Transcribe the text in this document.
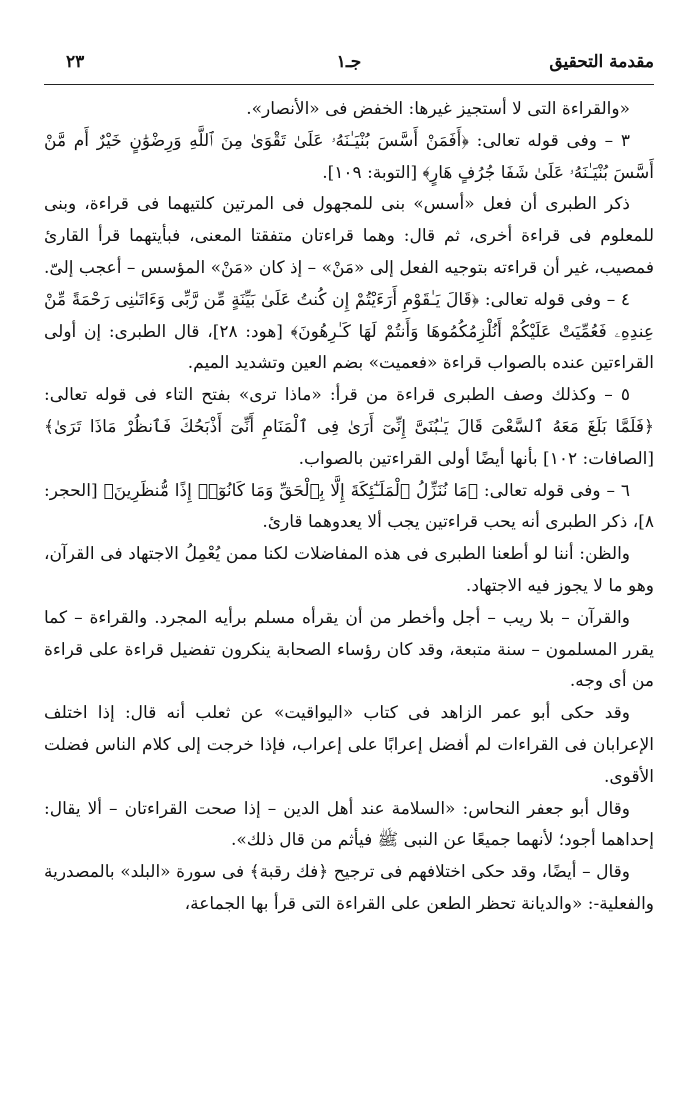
مقدمة التحقيق
جـ١
٢٣

«والقراءة التى لا أستجيز غيرها: الخفض فى «الأنصار».

٣ – وفى قوله تعالى: ﴿أَفَمَنْ أَسَّسَ بُنْيَـٰنَهُۥ عَلَىٰ تَقْوَىٰ مِنَ ٱللَّهِ وَرِضْوَٰنٍ خَيْرٌ أَم مَّنْ أَسَّسَ بُنْيَـٰنَهُۥ عَلَىٰ شَفَا جُرُفٍ هَارٍ﴾ [التوبة: ١٠٩].

ذكر الطبرى أن فعل «أسس» بنى للمجهول فى المرتين كلتيهما فى قراءة، وبنى للمعلوم فى قراءة أخرى، ثم قال: وهما قراءتان متفقتا المعنى، فبأيتهما قرأ القارئ فمصيب، غير أن قراءته بتوجيه الفعل إلى «مَنْ» – إذ كان «مَنْ» المؤسس – أعجب إلىّ.

٤ – وفى قوله تعالى: ﴿قَالَ يَـٰقَوْمِ أَرَءَيْتُمْ إِن كُنتُ عَلَىٰ بَيِّنَةٍ مِّن رَّبِّى وَءَاتَىٰنِى رَحْمَةً مِّنْ عِندِهِۦ فَعُمِّيَتْ عَلَيْكُمْ أَنُلْزِمُكُمُوهَا وَأَنتُمْ لَهَا كَـٰرِهُونَ﴾ [هود: ٢٨]، قال الطبرى: إن أولى القراءتين عنده بالصواب قراءة «فعميت» بضم العين وتشديد الميم.

٥ – وكذلك وصف الطبرى قراءة من قرأ: «ماذا ترى» بفتح التاء فى قوله تعالى: ﴿فَلَمَّا بَلَغَ مَعَهُ ٱلسَّعْىَ قَالَ يَـٰبُنَىَّ إِنِّىٓ أَرَىٰ فِى ٱلْمَنَامِ أَنِّىٓ أَذْبَحُكَ فَٱنظُرْ مَاذَا تَرَىٰ﴾ [الصافات: ١٠٢] بأنها أيضًا أولى القراءتين بالصواب.

٦ – وفى قوله تعالى: ﴿مَا نُنَزِّلُ ٱلْمَلَـٰٓئِكَةَ إِلَّا بِٱلْحَقِّ وَمَا كَانُوٓا۟ إِذًا مُّنظَرِينَ﴾ [الحجر: ٨]، ذكر الطبرى أنه يحب قراءتين يجب ألا يعدوهما قارئ.

والظن: أننا لو أطعنا الطبرى فى هذه المفاضلات لكنا ممن يُعْمِلُ الاجتهاد فى القرآن، وهو ما لا يجوز فيه الاجتهاد.

والقرآن – بلا ريب – أجل وأخطر من أن يقرأه مسلم برأيه المجرد. والقراءة – كما يقرر المسلمون – سنة متبعة، وقد كان رؤساء الصحابة ينكرون تفضيل قراءة على قراءة من أى وجه.

وقد حكى أبو عمر الزاهد فى كتاب «اليواقيت» عن ثعلب أنه قال: إذا اختلف الإعرابان فى القراءات لم أفضل إعرابًا على إعراب، فإذا خرجت إلى كلام الناس فضلت الأقوى.

وقال أبو جعفر النحاس: «السلامة عند أهل الدين – إذا صحت القراءتان – ألا يقال: إحداهما أجود؛ لأنهما جميعًا عن النبى ﷺ فيأثم من قال ذلك».

وقال – أيضًا، وقد حكى اختلافهم فى ترجيح ﴿فك رقبة﴾ فى سورة «البلد» بالمصدرية والفعلية-: «والديانة تحظر الطعن على القراءة التى قرأ بها الجماعة،
